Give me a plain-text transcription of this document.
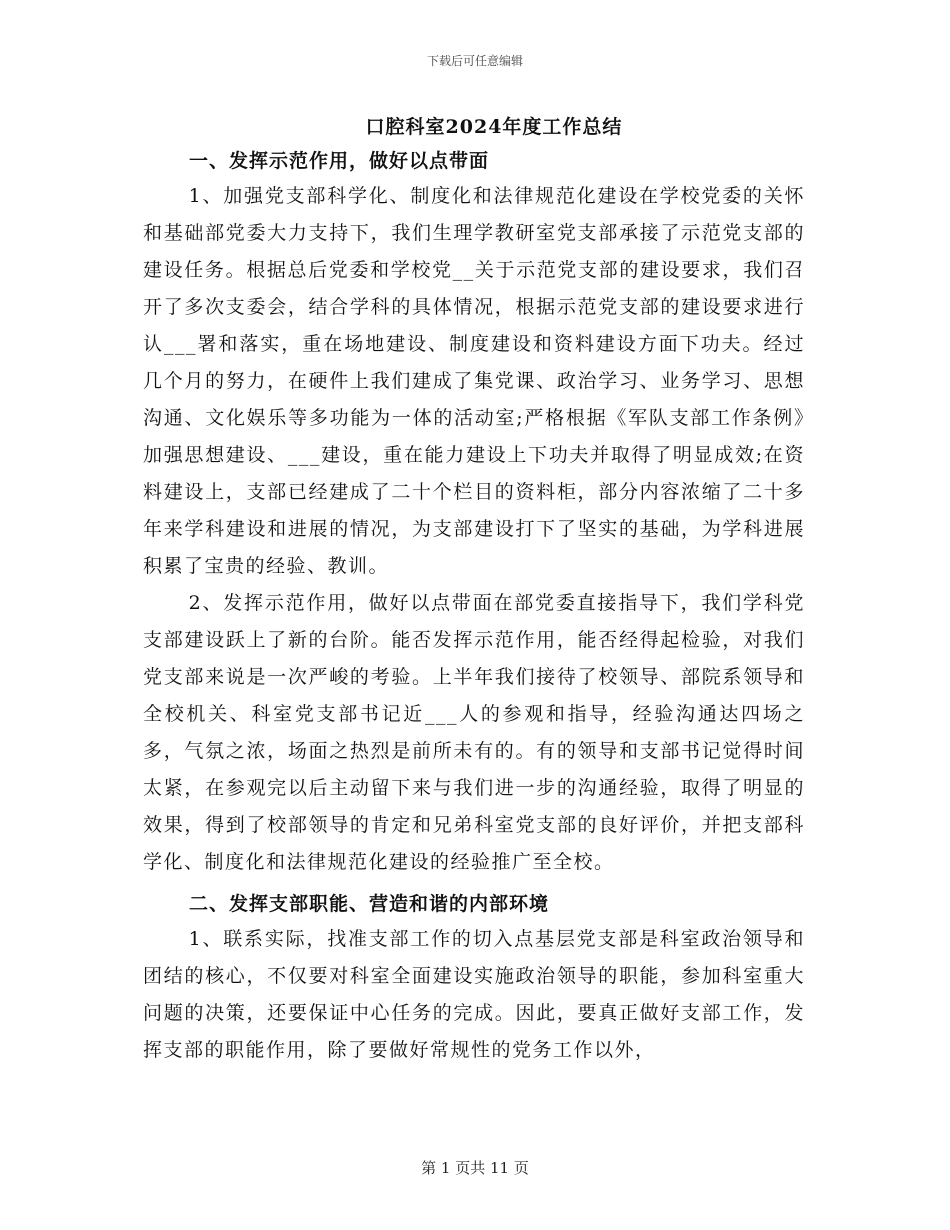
下载后可任意编辑
口腔科室2024年度工作总结
一、发挥示范作用，做好以点带面

1、加强党支部科学化、制度化和法律规范化建设在学校党委的关怀和基础部党委大力支持下，我们生理学教研室党支部承接了示范党支部的建设任务。根据总后党委和学校党__关于示范党支部的建设要求，我们召开了多次支委会，结合学科的具体情况，根据示范党支部的建设要求进行认___署和落实，重在场地建设、制度建设和资料建设方面下功夫。经过几个月的努力，在硬件上我们建成了集党课、政治学习、业务学习、思想沟通、文化娱乐等多功能为一体的活动室;严格根据《军队支部工作条例》加强思想建设、___建设，重在能力建设上下功夫并取得了明显成效;在资料建设上，支部已经建成了二十个栏目的资料柜，部分内容浓缩了二十多年来学科建设和进展的情况，为支部建设打下了坚实的基础，为学科进展积累了宝贵的经验、教训。

2、发挥示范作用，做好以点带面在部党委直接指导下，我们学科党支部建设跃上了新的台阶。能否发挥示范作用，能否经得起检验，对我们党支部来说是一次严峻的考验。上半年我们接待了校领导、部院系领导和全校机关、科室党支部书记近___人的参观和指导，经验沟通达四场之多，气氛之浓，场面之热烈是前所未有的。有的领导和支部书记觉得时间太紧，在参观完以后主动留下来与我们进一步的沟通经验，取得了明显的效果，得到了校部领导的肯定和兄弟科室党支部的良好评价，并把支部科学化、制度化和法律规范化建设的经验推广至全校。

二、发挥支部职能、营造和谐的内部环境

1、联系实际，找准支部工作的切入点基层党支部是科室政治领导和团结的核心，不仅要对科室全面建设实施政治领导的职能，参加科室重大问题的决策，还要保证中心任务的完成。因此，要真正做好支部工作，发挥支部的职能作用，除了要做好常规性的党务工作以外，

第 1 页共 11 页
